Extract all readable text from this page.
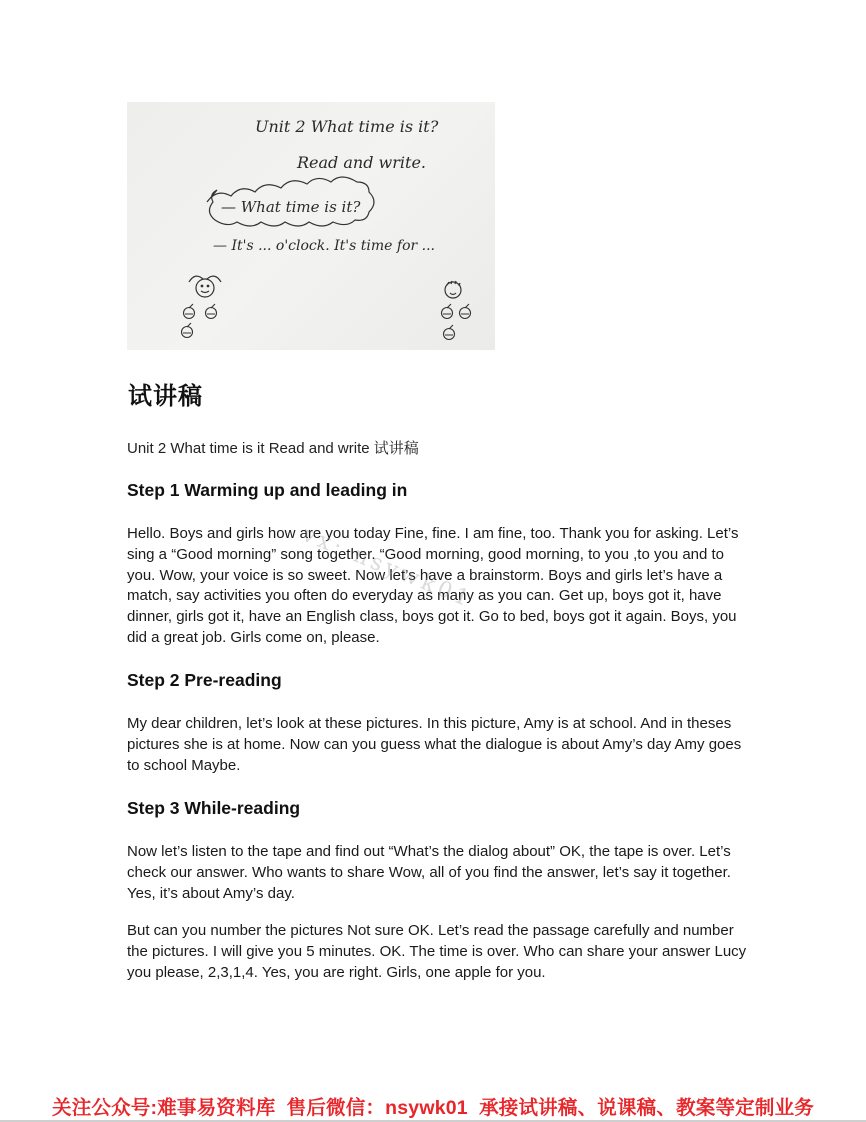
Unit 2 What time is it?
Read and write.
— What time is it?
— It's ... o'clock. It's time for ...
试讲稿

Unit 2 What time is it Read and write 试讲稿

Step 1 Warming up and leading in

Hello. Boys and girls how are you today Fine, fine. I am fine, too. Thank you for asking. Let’s sing a “Good morning” song together. “Good morning, good morning, to you ,to you and to you. Wow, your voice is so sweet. Now let’s have a brainstorm. Boys and girls let’s have a match, say activities you often do everyday as many as you can. Get up, boys got it, have dinner, girls got it, have an English class, boys got it. Go to bed, boys got it again. Boys, you did a great job. Girls come on, please.

Step 2 Pre-reading

My dear children, let’s look at these pictures. In this picture, Amy is at school. And in theses pictures she is at home. Now can you guess what the dialogue is about Amy’s day Amy goes to school Maybe.

Step 3 While-reading

Now let’s listen to the tape and find out “What’s the dialog about” OK, the tape is over. Let’s check our answer. Who wants to share Wow, all of you find the answer, let’s say it together. Yes, it’s about Amy’s day.

But can you number the pictures Not sure OK. Let’s read the passage carefully and number the pictures. I will give you 5 minutes. OK. The time is over. Who can share your answer Lucy you please, 2,3,1,4. Yes, you are right. Girls, one apple for you.

vx: nsywk01
关注公众号:难事易资料库  售后微信：nsywk01  承接试讲稿、说课稿、教案等定制业务
